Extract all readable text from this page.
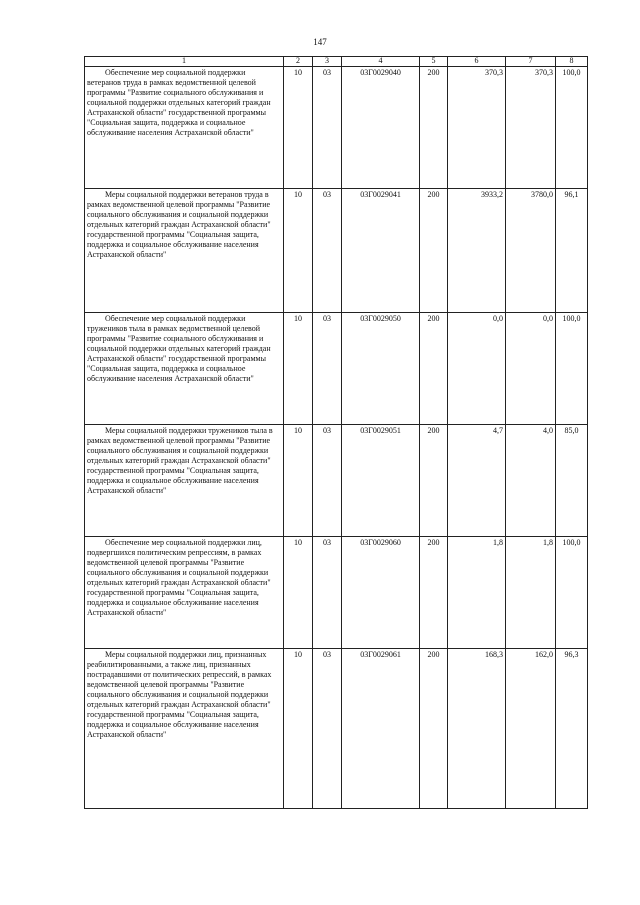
147
1	2	3	4	5	6	7	8
Обеспечение мер социальной поддержки ветеранов труда в рамках ведомственной целевой программы "Развитие социального обслуживания и социальной поддержки отдельных категорий граждан Астраханской области" государственной программы "Социальная защита, поддержка и социальное обслуживание населения Астраханской области"	10	03	03Г0029040	200	370,3	370,3	100,0
Меры социальной поддержки ветеранов труда в рамках ведомственной целевой программы "Развитие социального обслуживания и социальной поддержки отдельных категорий граждан Астраханской области" государственной программы "Социальная защита, поддержка и социальное обслуживание населения Астраханской области"	10	03	03Г0029041	200	3933,2	3780,0	96,1
Обеспечение мер социальной поддержки тружеников тыла в рамках ведомственной целевой программы "Развитие социального обслуживания и социальной поддержки отдельных категорий граждан Астраханской области" государственной программы "Социальная защита, поддержка и социальное обслуживание населения Астраханской области"	10	03	03Г0029050	200	0,0	0,0	100,0
Меры социальной поддержки тружеников тыла в рамках ведомственной целевой программы "Развитие социального обслуживания и социальной поддержки отдельных категорий граждан Астраханской области" государственной программы "Социальная защита, поддержка и социальное обслуживание населения Астраханской области"	10	03	03Г0029051	200	4,7	4,0	85,0
Обеспечение мер социальной поддержки лиц, подвергшихся политическим репрессиям, в рамках ведомственной целевой программы "Развитие социального обслуживания и социальной поддержки отдельных категорий граждан Астраханской области" государственной программы "Социальная защита, поддержка и социальное обслуживание населения Астраханской области"	10	03	03Г0029060	200	1,8	1,8	100,0
Меры социальной поддержки лиц, признанных реабилитированными, а также лиц, признанных пострадавшими от политических репрессий, в рамках ведомственной целевой программы "Развитие социального обслуживания и социальной поддержки отдельных категорий граждан Астраханской области" государственной программы "Социальная защита, поддержка и социальное обслуживание населения Астраханской области"	10	03	03Г0029061	200	168,3	162,0	96,3
